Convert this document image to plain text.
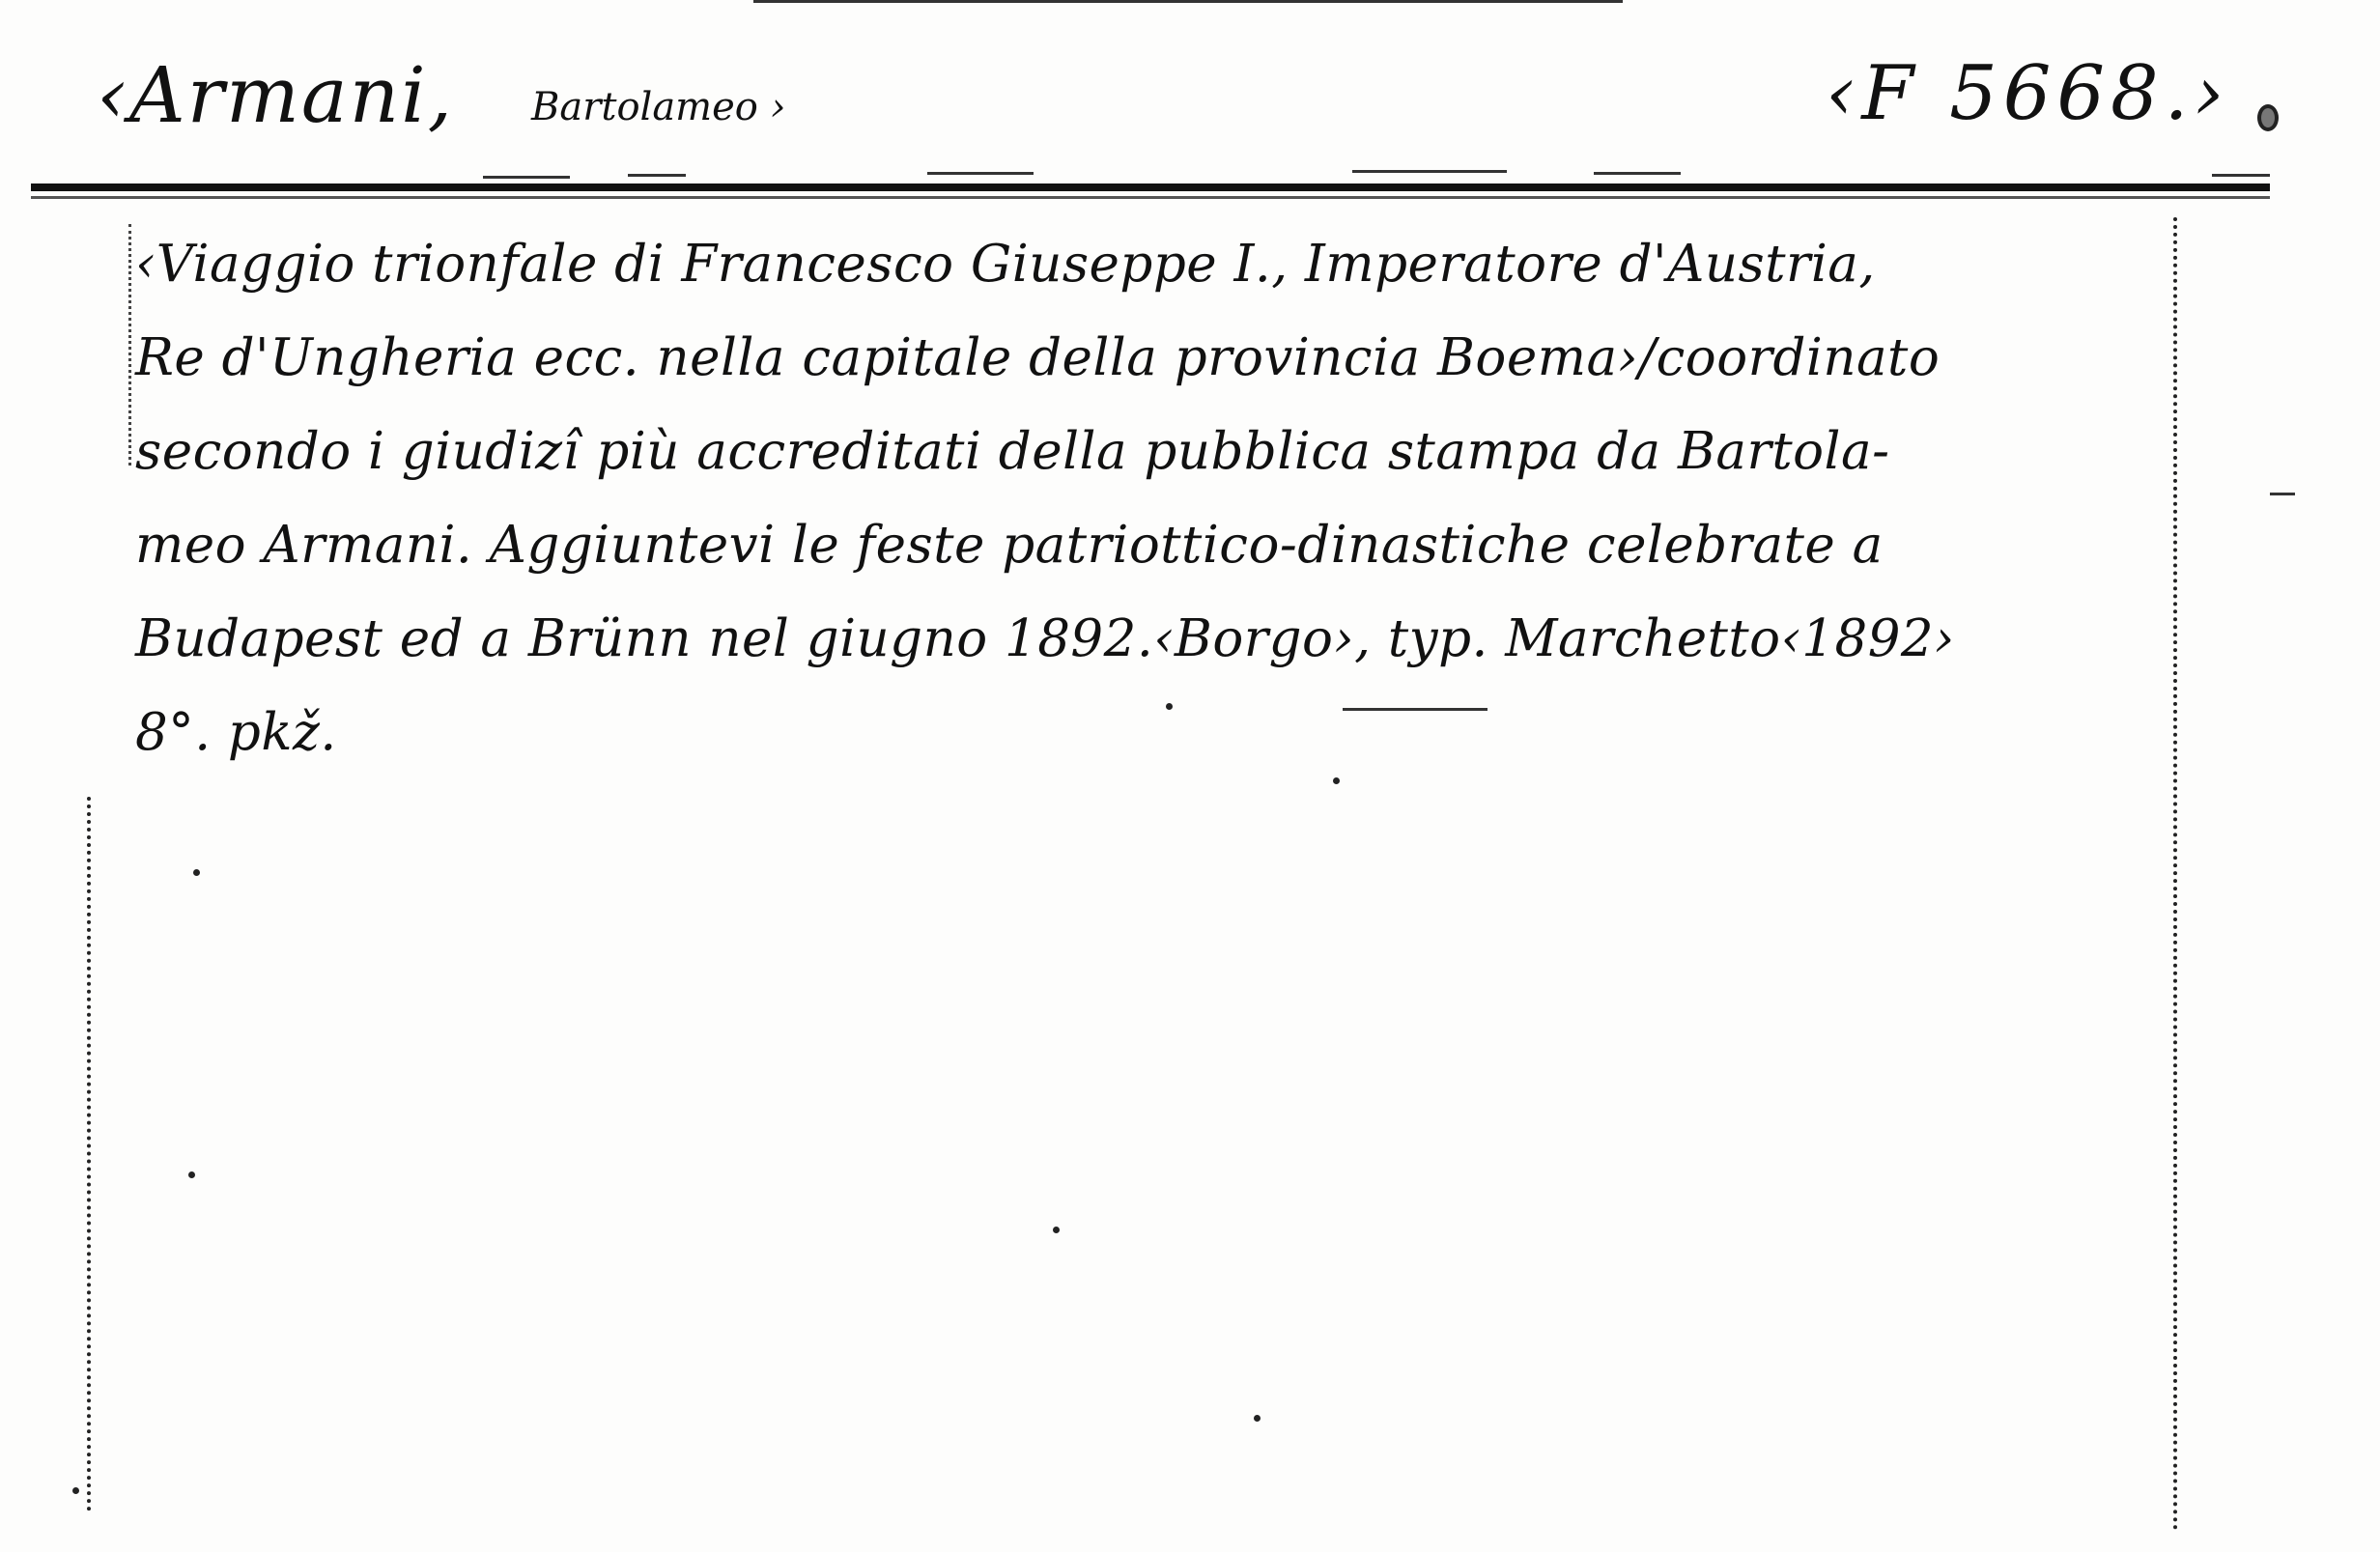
‹Armani, Bartolameo ›	‹F 5668.›
‹Viaggio trionfale di Francesco Giuseppe I., Imperatore d'Austria,
Re d'Ungheria ecc. nella capitale della provincia Boema›/coordinato
secondo i giudizî più accreditati della pubblica stampa da Bartola-
meo Armani. Aggiuntevi le feste patriottico-dinastiche celebrate a
Budapest ed a Brünn nel giugno 1892.‹Borgo›, typ. Marchetto‹1892›
8°. pkž.
